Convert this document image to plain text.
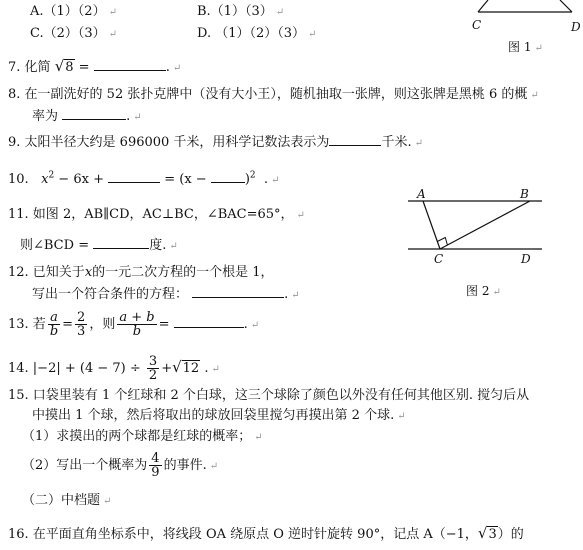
A.（1）（2） ↵	B.（1）（3） ↵
C.（2）（3） ↵	D. （1）（2）（3） ↵
C	D
图 1 ↵
7. 化简 √8 =	. ↵
8. 在一副洗好的 52 张扑克牌中（没有大小王），随机抽取一张牌，则这张牌是黑桃 6 的概 ↵
率为	. ↵
9. 太阳半径大约是 696000 千米，用科学记数法表示为	千米. ↵
10. $x^2 - 6x$ +	= (x −	)$^2$ . ↵
11. 如图 2，AB∥CD，AC⊥BC，∠BAC=65°， ↵
则∠BCD =	度. ↵
A	B
C	D
图 2 ↵
12. 已知关于x的一元二次方程的一个根是 1，
写出一个符合条件的方程：	. ↵
13. 若 $\frac{a}{b} = \frac{2}{3}$ ，则 $\frac{a + b}{b}$ =	. ↵
14. $|-2| + (4 - 7) \div \frac{3}{2} +√12$ . ↵
15. 口袋里装有 1 个红球和 2 个白球，这三个球除了颜色以外没有任何其他区别. 搅匀后从
中摸出 1 个球，然后将取出的球放回袋里搅匀再摸出第 2 个球. ↵
（1）求摸出的两个球都是红球的概率； ↵
（2）写出一个概率为 $\frac{4}{9}$ 的事件. ↵
（二）中档题 ↵
16. 在平面直角坐标系中，将线段 OA 绕原点 O 逆时针旋转 90°，记点 A（−1，√3）的
